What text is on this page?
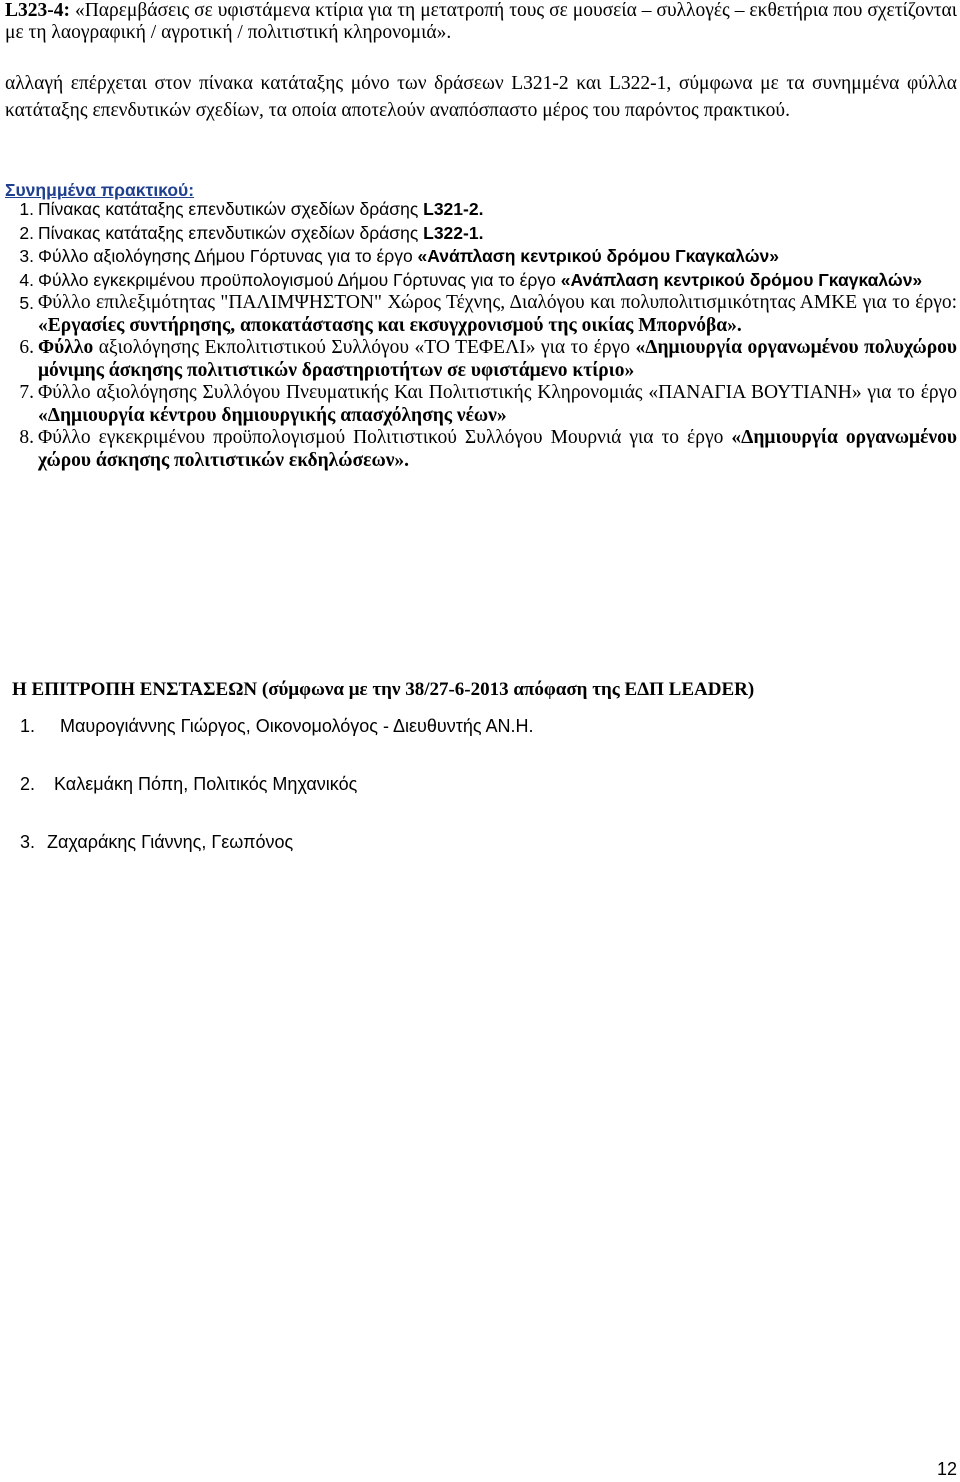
L323-4: «Παρεμβάσεις σε υφιστάμενα κτίρια για τη μετατροπή τους σε μουσεία – συλλογές – εκθετήρια που σχετίζονται με τη λαογραφική / αγροτική / πολιτιστική κληρονομιά».
αλλαγή επέρχεται στον πίνακα κατάταξης μόνο των δράσεων L321-2 και L322-1, σύμφωνα με τα συνημμένα φύλλα κατάταξης επενδυτικών σχεδίων, τα οποία αποτελούν αναπόσπαστο μέρος του παρόντος πρακτικού.
Συνημμένα πρακτικού:
1. Πίνακας κατάταξης επενδυτικών σχεδίων δράσης L321-2.
2. Πίνακας κατάταξης επενδυτικών σχεδίων δράσης L322-1.
3. Φύλλο αξιολόγησης Δήμου Γόρτυνας για το έργο «Ανάπλαση κεντρικού δρόμου Γκαγκαλών»
4. Φύλλο εγκεκριμένου προϋπολογισμού Δήμου Γόρτυνας για το έργο «Ανάπλαση κεντρικού δρόμου Γκαγκαλών»
5. Φύλλο επιλεξιμότητας "ΠΑΛΙΜΨΗΣΤΟΝ" Χώρος Τέχνης, Διαλόγου και πολυπολιτισμικότητας ΑΜΚΕ για το έργο: «Εργασίες συντήρησης, αποκατάστασης και εκσυγχρονισμού της οικίας Μπορνόβα».
6. Φύλλο αξιολόγησης Εκπολιτιστικού Συλλόγου «ΤΟ ΤΕΦΕΛΙ» για το έργο «Δημιουργία οργανωμένου πολυχώρου μόνιμης άσκησης πολιτιστικών δραστηριοτήτων σε υφιστάμενο κτίριο»
7. Φύλλο αξιολόγησης Συλλόγου Πνευματικής Και Πολιτιστικής Κληρονομιάς «ΠΑΝΑΓΙΑ ΒΟΥΤΙΑΝΗ» για το έργο «Δημιουργία κέντρου δημιουργικής απασχόλησης νέων»
8. Φύλλο εγκεκριμένου προϋπολογισμού Πολιτιστικού Συλλόγου Μουρνιά για το έργο «Δημιουργία οργανωμένου χώρου άσκησης πολιτιστικών εκδηλώσεων».
Η ΕΠΙΤΡΟΠΗ ΕΝΣΤΑΣΕΩΝ (σύμφωνα με την 38/27-6-2013 απόφαση της ΕΔΠ LEADER)
1. Μαυρογιάννης Γιώργος, Οικονομολόγος - Διευθυντής ΑΝ.Η.
2. Καλεμάκη Πόπη, Πολιτικός Μηχανικός
3. Ζαχαράκης Γιάννης, Γεωπόνος
12
